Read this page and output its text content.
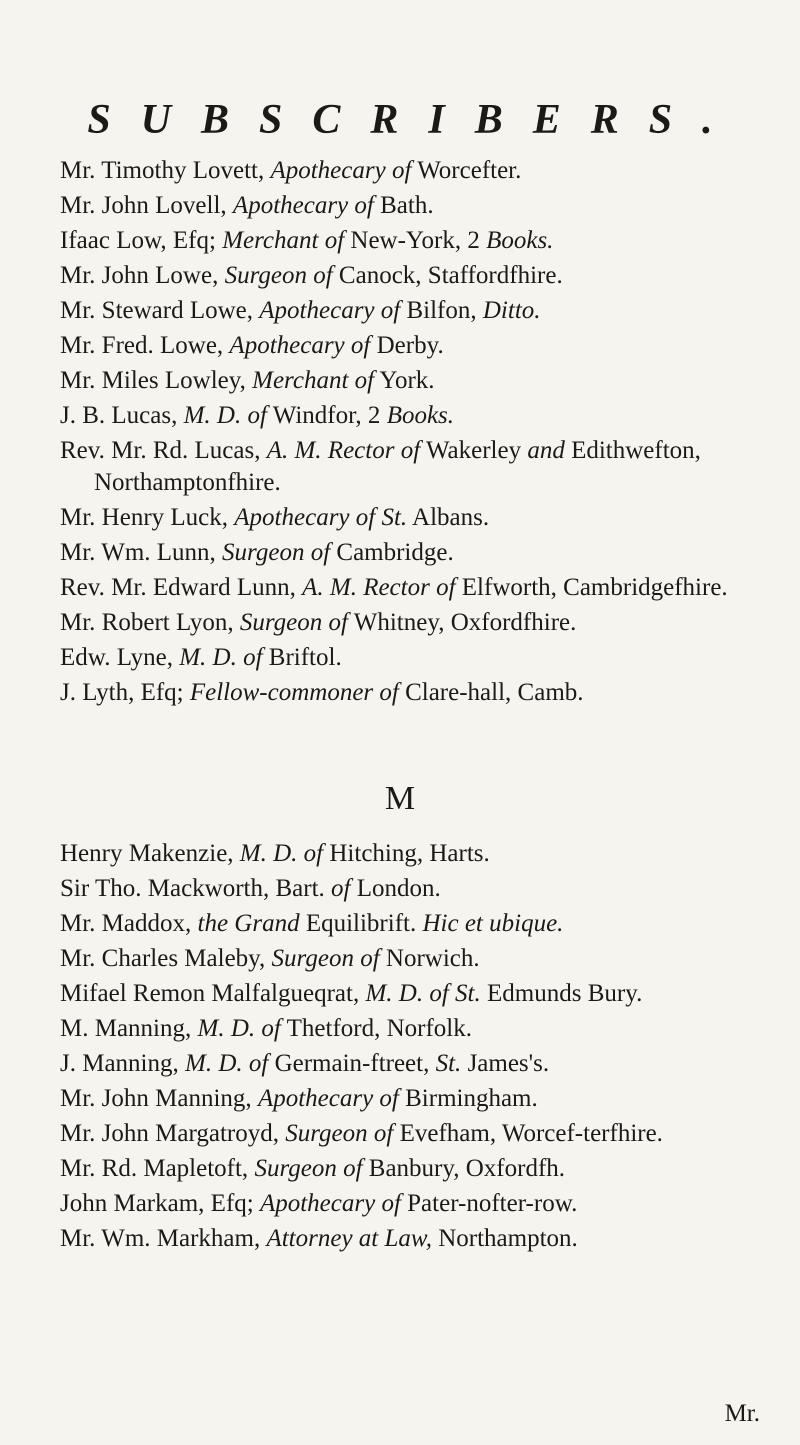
SUBSCRIBERS.
Mr. Timothy Lovett, Apothecary of Worcefter.
Mr. John Lovell, Apothecary of Bath.
Ifaac Low, Efq; Merchant of New-York, 2 Books.
Mr. John Lowe, Surgeon of Canock, Staffordfhire.
Mr. Steward Lowe, Apothecary of Bilfon, Ditto.
Mr. Fred. Lowe, Apothecary of Derby.
Mr. Miles Lowley, Merchant of York.
J. B. Lucas, M. D. of Windfor, 2 Books.
Rev. Mr. Rd. Lucas, A. M. Rector of Wakerley and Edithwefton, Northamptonfhire.
Mr. Henry Luck, Apothecary of St. Albans.
Mr. Wm. Lunn, Surgeon of Cambridge.
Rev. Mr. Edward Lunn, A. M. Rector of Elfworth, Cambridgefhire.
Mr. Robert Lyon, Surgeon of Whitney, Oxfordfhire.
Edw. Lyne, M. D. of Briftol.
J. Lyth, Efq; Fellow-commoner of Clare-hall, Camb.
M
Henry Makenzie, M. D. of Hitching, Harts.
Sir Tho. Mackworth, Bart. of London.
Mr. Maddox, the Grand Equilibrift. Hic et ubique.
Mr. Charles Maleby, Surgeon of Norwich.
Mifael Remon Malfalgueqrat, M. D. of St. Edmunds Bury.
M. Manning, M. D. of Thetford, Norfolk.
J. Manning, M. D. of Germain-ftreet, St. James's.
Mr. John Manning, Apothecary of Birmingham.
Mr. John Margatroyd, Surgeon of Evefham, Worcef-terfhire.
Mr. Rd. Mapletoft, Surgeon of Banbury, Oxfordfh.
John Markam, Efq; Apothecary of Pater-nofter-row.
Mr. Wm. Markham, Attorney at Law, Northampton.
Mr.
